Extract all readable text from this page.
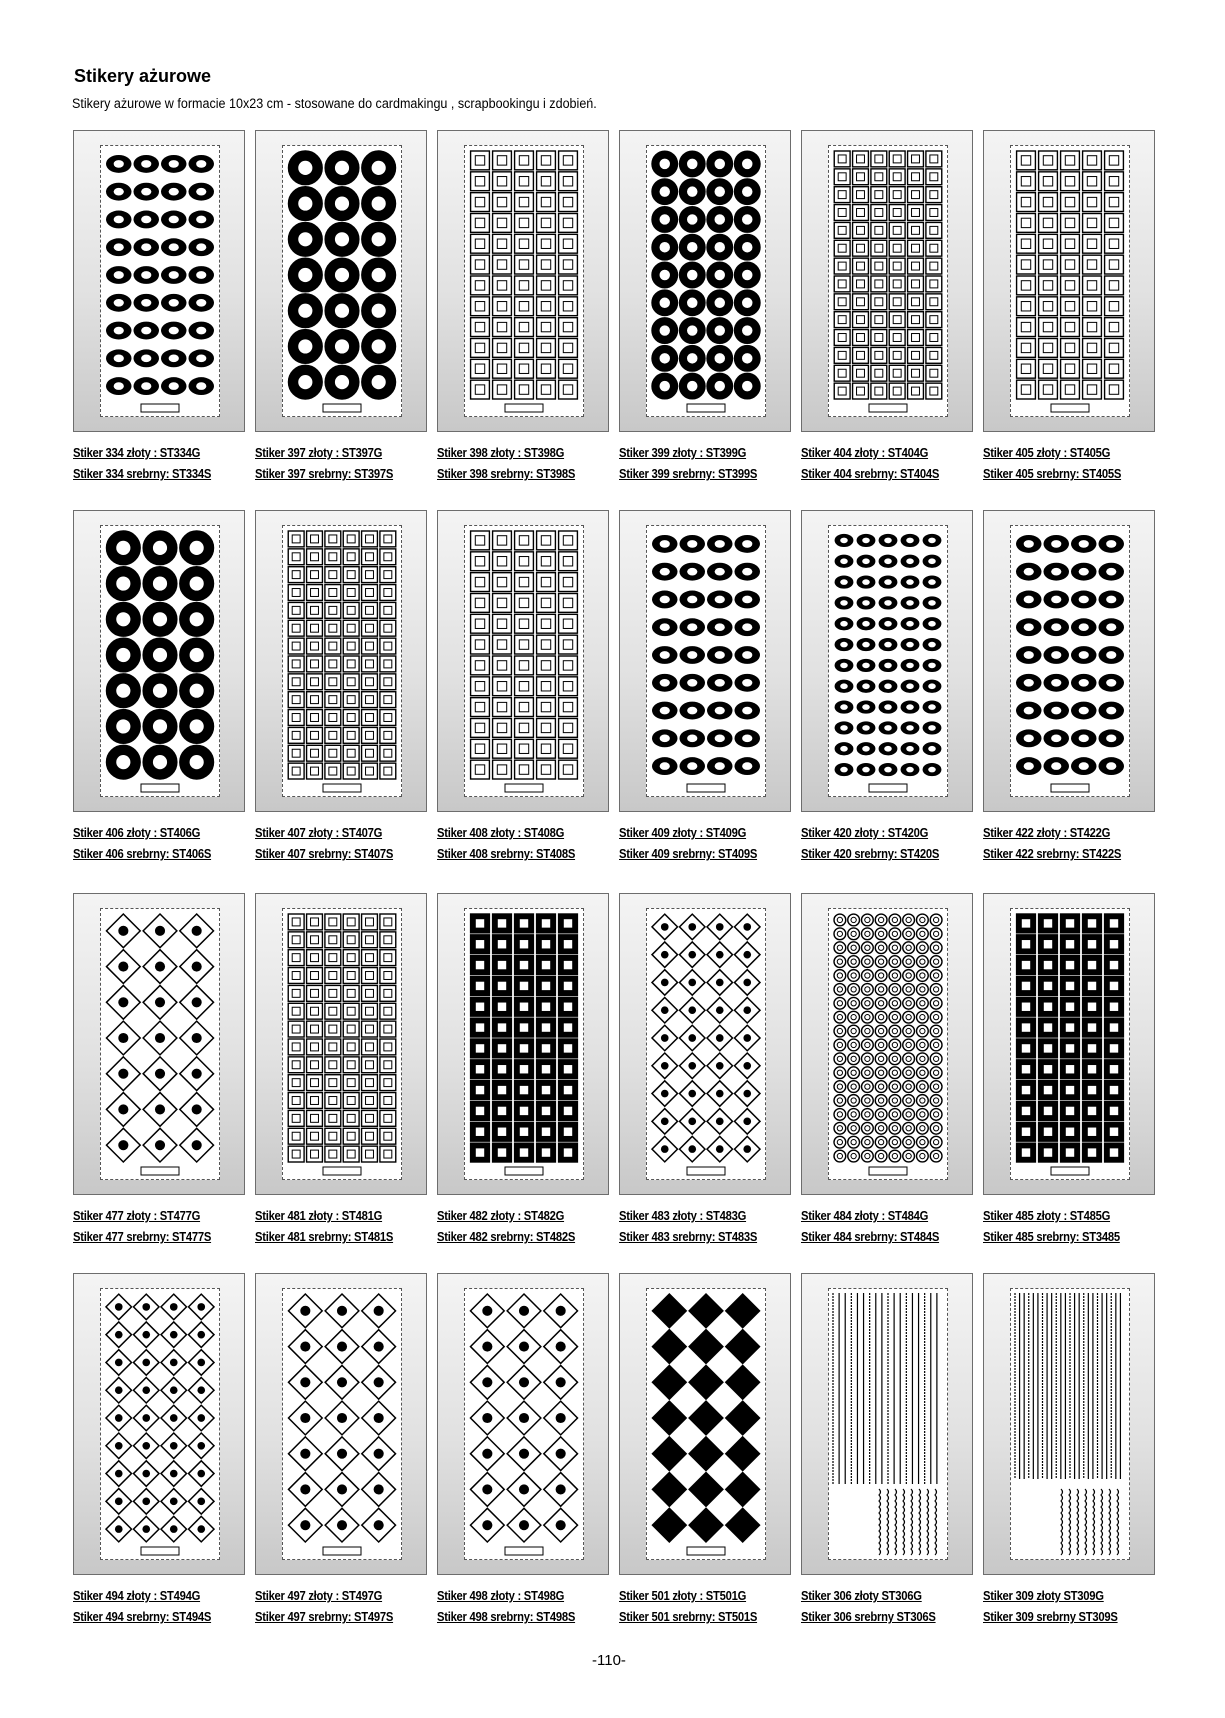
Stikery ażurowe
Stikery ażurowe w formacie 10x23 cm - stosowane do cardmakingu , scrapbookingu i zdobień.
Stiker 334 złoty : ST334G
Stiker 334 srebrny: ST334S
Stiker 397 złoty : ST397G
Stiker 397 srebrny: ST397S
Stiker 398 złoty : ST398G
Stiker 398 srebrny: ST398S
Stiker 399 złoty : ST399G
Stiker 399 srebrny: ST399S
Stiker 404 złoty : ST404G
Stiker 404 srebrny: ST404S
Stiker 405 złoty : ST405G
Stiker 405 srebrny: ST405S
Stiker 406 złoty : ST406G
Stiker 406 srebrny: ST406S
Stiker 407 złoty : ST407G
Stiker 407 srebrny: ST407S
Stiker 408 złoty : ST408G
Stiker 408 srebrny: ST408S
Stiker 409 złoty : ST409G
Stiker 409 srebrny: ST409S
Stiker 420 złoty : ST420G
Stiker 420 srebrny: ST420S
Stiker 422 złoty : ST422G
Stiker 422 srebrny: ST422S
Stiker 477 złoty : ST477G
Stiker 477 srebrny: ST477S
Stiker 481 złoty : ST481G
Stiker 481 srebrny: ST481S
Stiker 482 złoty : ST482G
Stiker 482 srebrny: ST482S
Stiker 483 złoty : ST483G
Stiker 483 srebrny: ST483S
Stiker 484 złoty : ST484G
Stiker 484 srebrny: ST484S
Stiker 485 złoty : ST485G
Stiker 485 srebrny: ST3485
Stiker 494 złoty : ST494G
Stiker 494 srebrny: ST494S
Stiker 497 złoty : ST497G
Stiker 497 srebrny: ST497S
Stiker 498 złoty : ST498G
Stiker 498 srebrny: ST498S
Stiker 501 złoty : ST501G
Stiker 501 srebrny: ST501S
Stiker 306 złoty ST306G
Stiker 306 srebrny ST306S
Stiker 309 złoty ST309G
Stiker 309 srebrny ST309S
-110-
